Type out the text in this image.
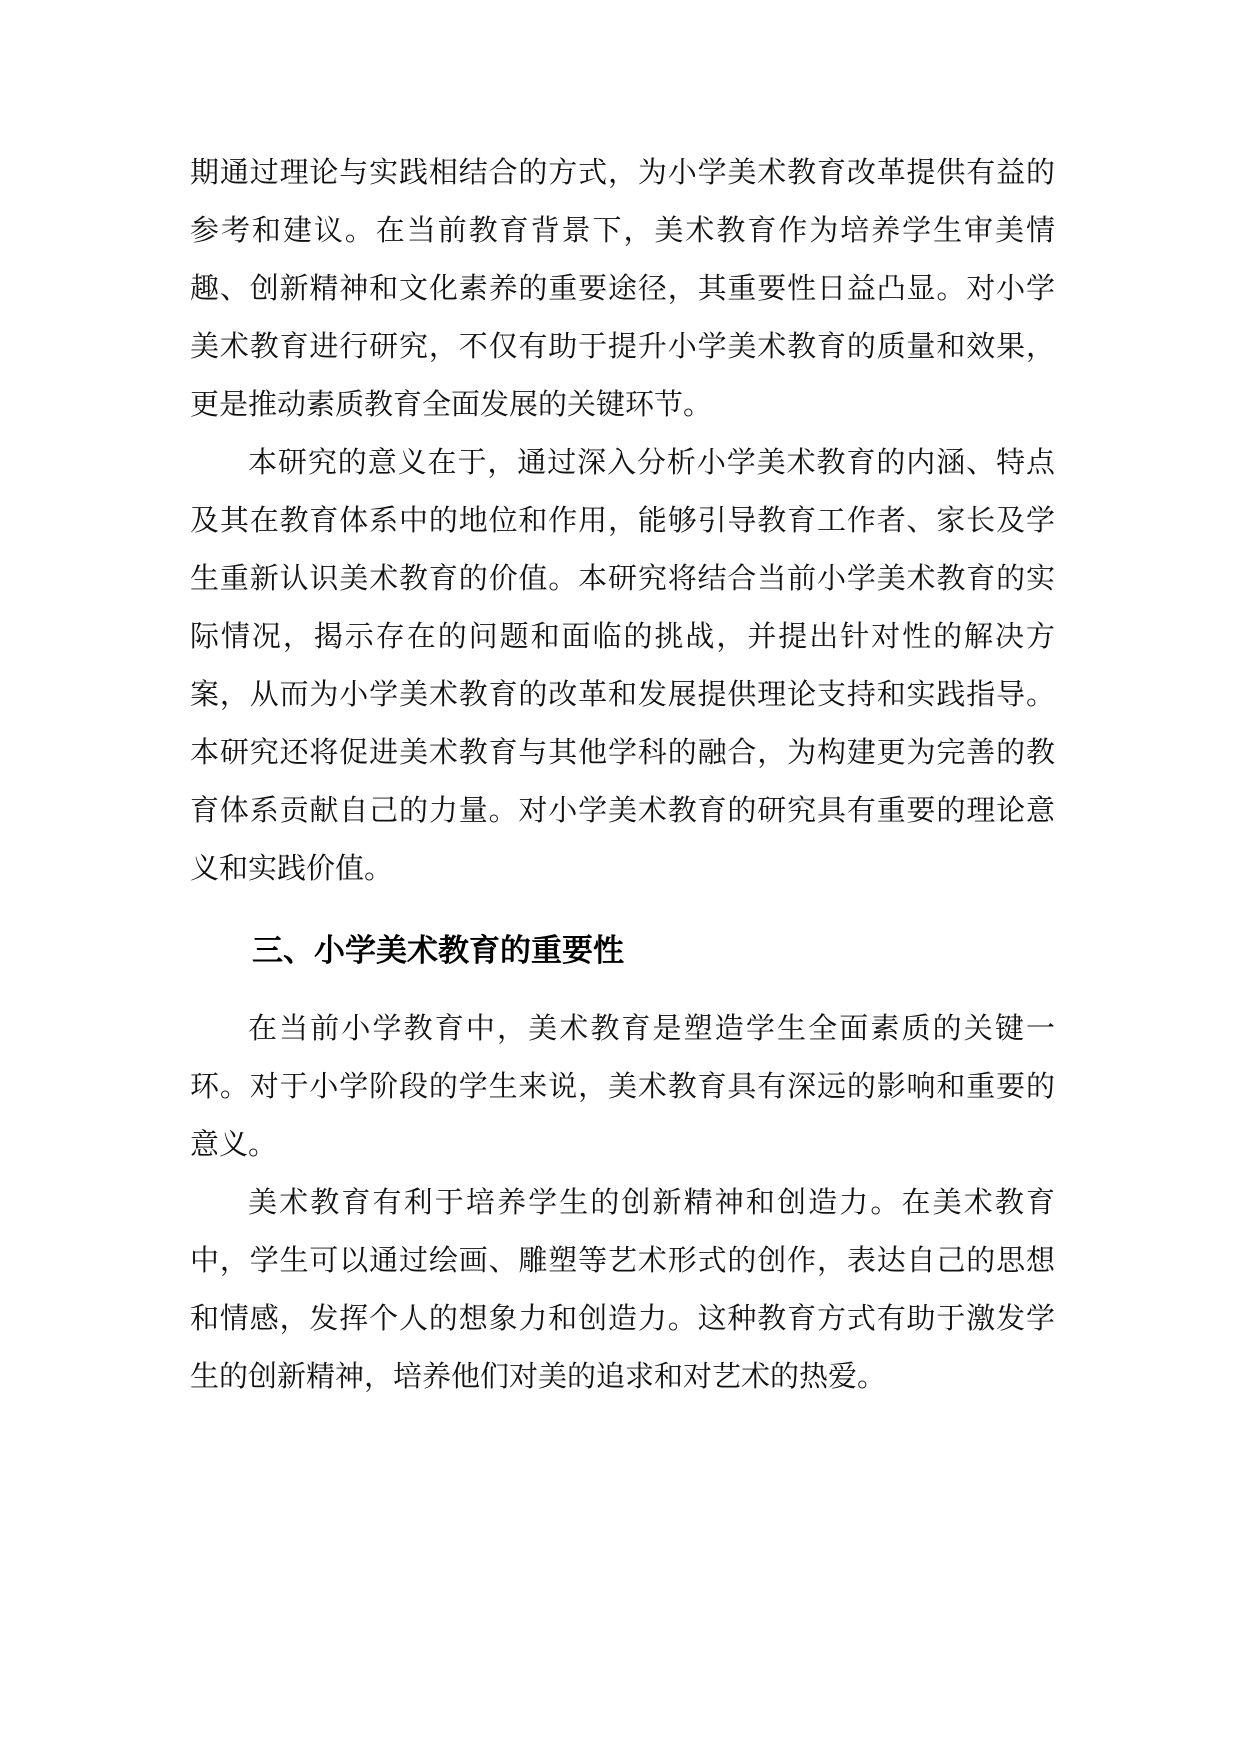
期通过理论与实践相结合的方式，为小学美术教育改革提供有益的参考和建议。在当前教育背景下，美术教育作为培养学生审美情趣、创新精神和文化素养的重要途径，其重要性日益凸显。对小学美术教育进行研究，不仅有助于提升小学美术教育的质量和效果，更是推动素质教育全面发展的关键环节。

本研究的意义在于，通过深入分析小学美术教育的内涵、特点及其在教育体系中的地位和作用，能够引导教育工作者、家长及学生重新认识美术教育的价值。本研究将结合当前小学美术教育的实际情况，揭示存在的问题和面临的挑战，并提出针对性的解决方案，从而为小学美术教育的改革和发展提供理论支持和实践指导。本研究还将促进美术教育与其他学科的融合，为构建更为完善的教育体系贡献自己的力量。对小学美术教育的研究具有重要的理论意义和实践价值。

三、小学美术教育的重要性

在当前小学教育中，美术教育是塑造学生全面素质的关键一环。对于小学阶段的学生来说，美术教育具有深远的影响和重要的意义。

美术教育有利于培养学生的创新精神和创造力。在美术教育中，学生可以通过绘画、雕塑等艺术形式的创作，表达自己的思想和情感，发挥个人的想象力和创造力。这种教育方式有助于激发学生的创新精神，培养他们对美的追求和对艺术的热爱。
